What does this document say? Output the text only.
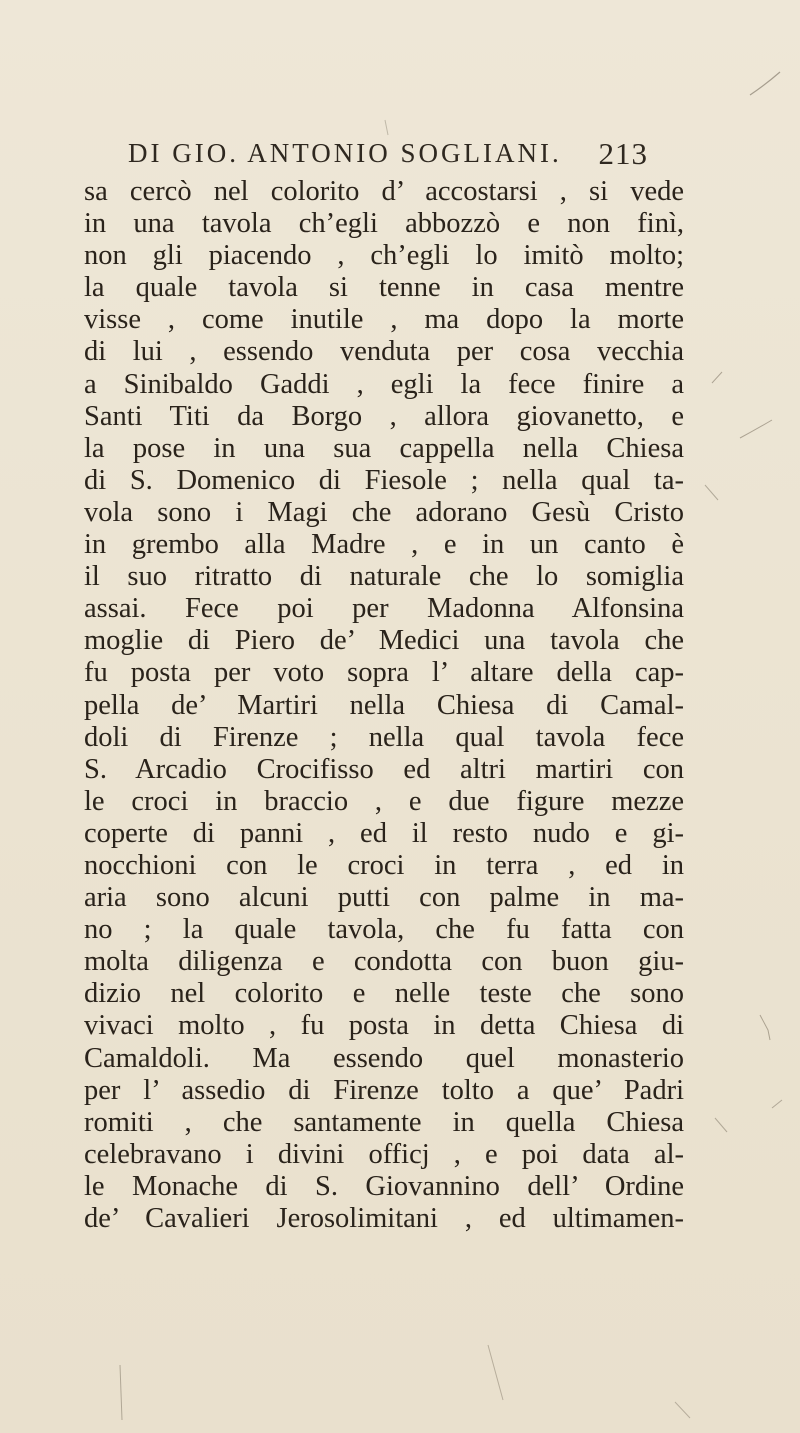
DI GIO. ANTONIO SOGLIANI. 213
sa cercò nel colorito d’ accostarsi , si vede
in una tavola ch’egli abbozzò e non finì,
non gli piacendo , ch’egli lo imitò molto;
la quale tavola si tenne in casa mentre
visse , come inutile , ma dopo la morte
di lui , essendo venduta per cosa vecchia
a Sinibaldo Gaddi , egli la fece finire a
Santi Titi da Borgo , allora giovanetto, e
la pose in una sua cappella nella Chiesa
di S. Domenico di Fiesole ; nella qual ta-
vola sono i Magi che adorano Gesù Cristo
in grembo alla Madre , e in un canto è
il suo ritratto di naturale che lo somiglia
assai. Fece poi per Madonna Alfonsina
moglie di Piero de’ Medici una tavola che
fu posta per voto sopra l’ altare della cap-
pella de’ Martiri nella Chiesa di Camal-
doli di Firenze ; nella qual tavola fece
S. Arcadio Crocifisso ed altri martiri con
le croci in braccio , e due figure mezze
coperte di panni , ed il resto nudo e gi-
nocchioni con le croci in terra , ed in
aria sono alcuni putti con palme in ma-
no ; la quale tavola, che fu fatta con
molta diligenza e condotta con buon giu-
dizio nel colorito e nelle teste che sono
vivaci molto , fu posta in detta Chiesa di
Camaldoli. Ma essendo quel monasterio
per l’ assedio di Firenze tolto a que’ Padri
romiti , che santamente in quella Chiesa
celebravano i divini officj , e poi data al-
le Monache di S. Giovannino dell’ Ordine
de’ Cavalieri Jerosolimitani , ed ultimamen-
